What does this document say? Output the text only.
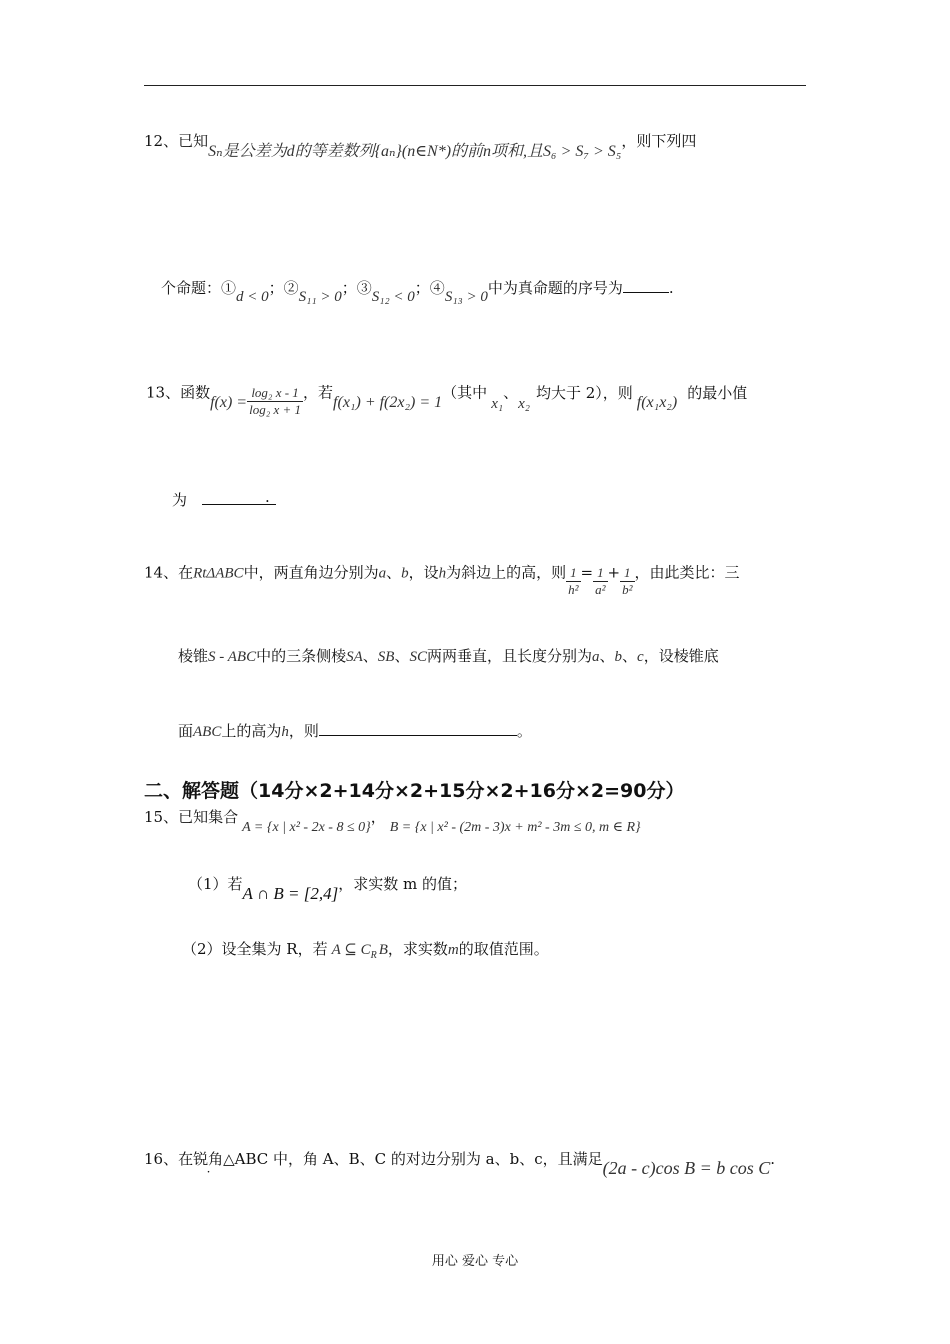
12、已知Sₙ是公差为d的等差数列{aₙ}(n∈N*)的前n项和,且S₆ > S₇ > S₅，则下列四
个命题：①d < 0；②S₁₁ > 0；③S₁₂ < 0；④S₁₃ > 0中为真命题的序号为	.
13、函数$f(x) = \frac{\text{log₂ x - 1}}{\text{log₂ x + 1}}$ ，若f(x₁) + f(2x₂) = 1（其中x₁、x₂均大于 2），则f(x₁x₂)的最小值
为	.
14、在RtΔABC中，两直角边分别为a、b，设h为斜边上的高，则 $\frac{1}{\text{h²}} = \frac{1}{\text{a²}} + \frac{1}{\text{b²}}$ ，由此类比：三
棱锥S - ABC中的三条侧棱SA、SB、SC两两垂直，且长度分别为a、b、c，设棱锥底
面ABC上的高为h，则	。
二、解答题（14分×2+14分×2+15分×2+16分×2=90分）
15、已知集合A = {x | x² - 2x - 8 ≤ 0}，B = {x | x² - (2m - 3)x + m² - 3m ≤ 0, m ∈ R}
（1）若A ∩ B = [2,4]，求实数 m 的值；
（2）设全集为 R，若 A ⊆ $C_R$ B，求实数m的取值范围。
16、在锐角△ABC 中，角 A、B、C 的对边分别为 a、b、c，且满足(2a - c)cos B = b cos C.
用心 爱心 专心
